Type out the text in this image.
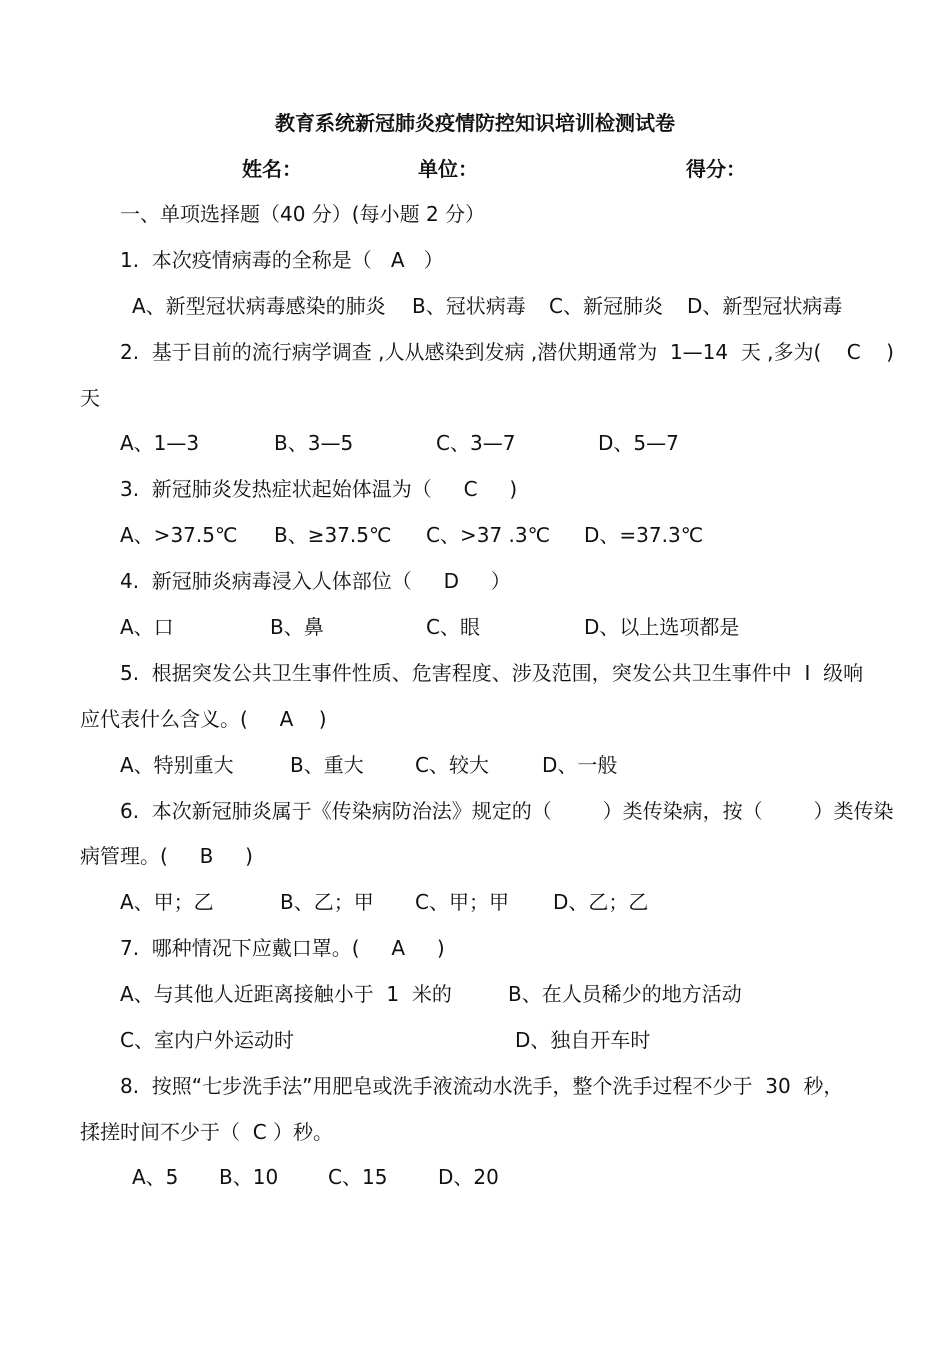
教育系统新冠肺炎疫情防控知识培训检测试卷
姓名：	单位：	得分：
一、单项选择题（40 分）(每小题 2 分）
1.  本次疫情病毒的全称是（   A   ）
A、新型冠状病毒感染的肺炎 B、冠状病毒 C、新冠肺炎 D、新型冠状病毒
2.  基于目前的流行病学调查 ,人从感染到发病 ,潜伏期通常为  1—14  天 ,多为(    C    )
天
A、1—3	B、3—5	C、3—7	D、5—7
3.  新冠肺炎发热症状起始体温为（     C     )
A、>37.5℃ B、≥37.5℃ C、>37 .3℃ D、=37.3℃
4.  新冠肺炎病毒浸入人体部位（     D     ）
A、口	B、鼻	C、眼	D、以上选项都是
5.  根据突发公共卫生事件性质、危害程度、涉及范围，突发公共卫生事件中  I  级响
应代表什么含义。(     A    )
A、特别重大	B、重大	C、较大	D、一般
6.  本次新冠肺炎属于《传染病防治法》规定的（        ）类传染病，按（        ）类传染
病管理。(     B     )
A、甲；乙	B、乙；甲 C、甲；甲 D、乙；乙
7.  哪种情况下应戴口罩。(     A     )
A、与其他人近距离接触小于  1  米的	B、在人员稀少的地方活动
C、室内户外运动时	D、独自开车时
8.  按照“七步洗手法”用肥皂或洗手液流动水洗手，整个洗手过程不少于  30  秒，
揉搓时间不少于（  C ）秒。
A、5 B、10 C、15	D、20
